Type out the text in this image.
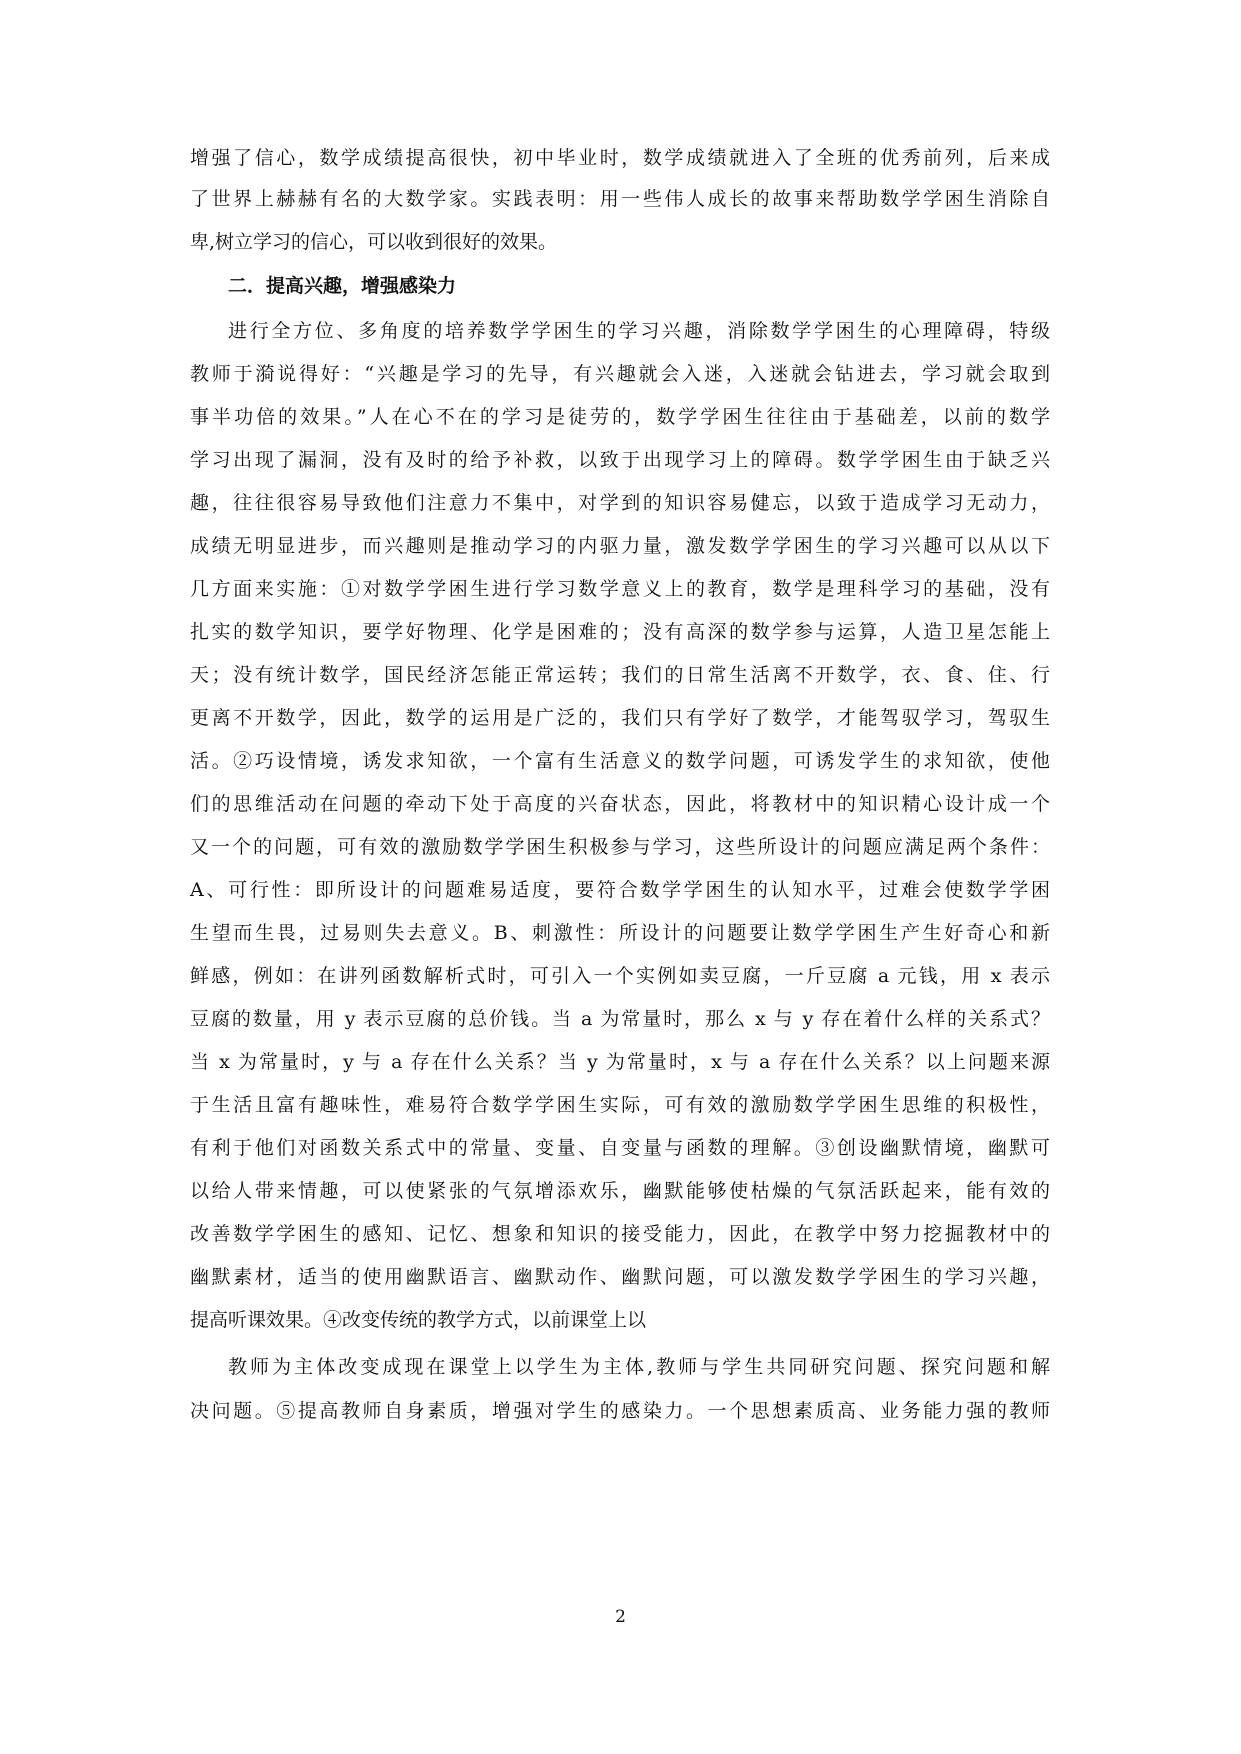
增强了信心，数学成绩提高很快，初中毕业时，数学成绩就进入了全班的优秀前列，后来成
了世界上赫赫有名的大数学家。实践表明：用一些伟人成长的故事来帮助数学学困生消除自
卑,树立学习的信心，可以收到很好的效果。
二．提高兴趣，增强感染力
进行全方位、多角度的培养数学学困生的学习兴趣，消除数学学困生的心理障碍，特级
教师于漪说得好：“兴趣是学习的先导，有兴趣就会入迷，入迷就会钻进去，学习就会取到
事半功倍的效果。”人在心不在的学习是徒劳的，数学学困生往往由于基础差，以前的数学
学习出现了漏洞，没有及时的给予补救，以致于出现学习上的障碍。数学学困生由于缺乏兴
趣，往往很容易导致他们注意力不集中，对学到的知识容易健忘，以致于造成学习无动力，
成绩无明显进步，而兴趣则是推动学习的内驱力量，激发数学学困生的学习兴趣可以从以下
几方面来实施：①对数学学困生进行学习数学意义上的教育，数学是理科学习的基础，没有
扎实的数学知识，要学好物理、化学是困难的；没有高深的数学参与运算，人造卫星怎能上
天；没有统计数学，国民经济怎能正常运转；我们的日常生活离不开数学，衣、食、住、行
更离不开数学，因此，数学的运用是广泛的，我们只有学好了数学，才能驾驭学习，驾驭生
活。②巧设情境，诱发求知欲，一个富有生活意义的数学问题，可诱发学生的求知欲，使他
们的思维活动在问题的牵动下处于高度的兴奋状态，因此，将教材中的知识精心设计成一个
又一个的问题，可有效的激励数学学困生积极参与学习，这些所设计的问题应满足两个条件：
A、可行性：即所设计的问题难易适度，要符合数学学困生的认知水平，过难会使数学学困
生望而生畏，过易则失去意义。B、刺激性：所设计的问题要让数学学困生产生好奇心和新
鲜感，例如：在讲列函数解析式时，可引入一个实例如卖豆腐，一斤豆腐 a 元钱，用 x 表示
豆腐的数量，用 y 表示豆腐的总价钱。当 a 为常量时，那么 x 与 y 存在着什么样的关系式？
当 x 为常量时，y 与 a 存在什么关系？当 y 为常量时，x 与 a 存在什么关系？以上问题来源
于生活且富有趣味性，难易符合数学学困生实际，可有效的激励数学学困生思维的积极性，
有利于他们对函数关系式中的常量、变量、自变量与函数的理解。③创设幽默情境，幽默可
以给人带来情趣，可以使紧张的气氛增添欢乐，幽默能够使枯燥的气氛活跃起来，能有效的
改善数学学困生的感知、记忆、想象和知识的接受能力，因此，在教学中努力挖掘教材中的
幽默素材，适当的使用幽默语言、幽默动作、幽默问题，可以激发数学学困生的学习兴趣，
提高听课效果。④改变传统的教学方式，以前课堂上以
教师为主体改变成现在课堂上以学生为主体,教师与学生共同研究问题、探究问题和解
决问题。⑤提高教师自身素质，增强对学生的感染力。一个思想素质高、业务能力强的教师
2
